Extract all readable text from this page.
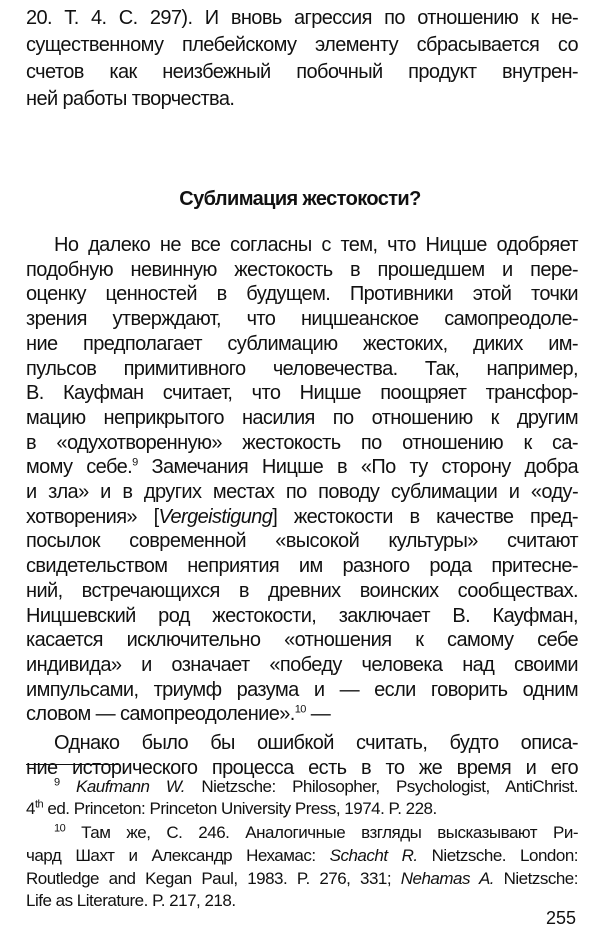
20. Т. 4. С. 297). И вновь агрессия по отношению к не-
существенному плебейскому элементу сбрасывается со
счетов как неизбежный побочный продукт внутрен-
ней работы творчества.
Сублимация жестокости?
Но далеко не все согласны с тем, что Ницше одобряет
подобную невинную жестокость в прошедшем и пере-
оценку ценностей в будущем. Противники этой точки
зрения утверждают, что ницшеанское самопреодоле-
ние предполагает сублимацию жестоких, диких им-
пульсов примитивного человечества. Так, например,
В. Кауфман считает, что Ницше поощряет трансфор-
мацию неприкрытого насилия по отношению к другим
в «одухотворенную» жестокость по отношению к са-
мому себе.$^9$ Замечания Ницше в «По ту сторону добра
и зла» и в других местах по поводу сублимации и «оду-
хотворения» [Vergeistigung] жестокости в качестве пред-
посылок современной «высокой культуры» считают
свидетельством неприятия им разного рода притесне-
ний, встречающихся в древних воинских сообществах.
Ницшевский род жестокости, заключает В. Кауфман,
касается исключительно «отношения к самому себе
индивида» и означает «победу человека над своими
импульсами, триумф разума и — если говорить одним
$^9$ Kaufmann W. Nietzsche: Philosopher, Psychologist, AntiChrist.
4th ed. Princeton: Princeton University Press, 1974. P. 228.
$^{10}$ Там же, С. 246. Аналогичные взгляды высказывают Ри-
чард Шахт и Александр Нехамас: Schacht R. Nietzsche. London:
Routledge and Kegan Paul, 1983. P. 276, 331; Nehamas A. Nietzsche:
Life as Literature. P. 217, 218.
255
словом — самопреодоление».$^{10}$ —
Однако было бы ошибкой считать, будто описа-
ние исторического процесса есть в то же время и его
